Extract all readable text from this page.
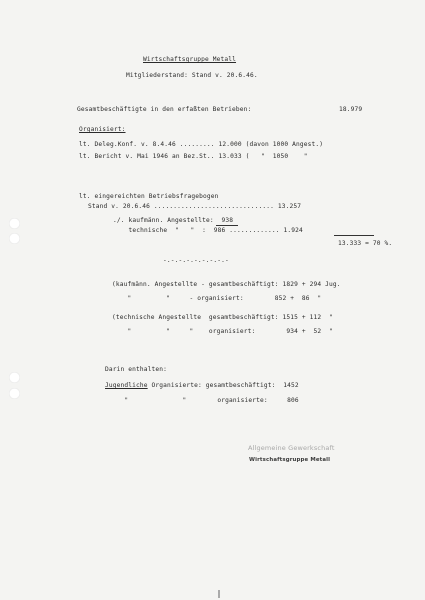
Wirtschaftsgruppe Metall
Mitgliederstand: Stand v. 20.6.46.
Gesamtbeschäftigte in den erfaßten Betrieben:	18.979
Organisiert:
lt. Deleg.Konf. v. 8.4.46 ......... 12.000 (davon 1000 Angest.)
lt. Bericht v. Mai 1946 an Bez.St.. 13.033 (   "  1050    "
lt. eingereichten Betriebsfragebogen
Stand v. 20.6.46 ............................... 13.257
./. kaufmänn. Angestellte:  938
technische  "   "  :  986 ............. 1.924
13.333 = 70 %.
-.-.-.-.-.-.-.-.-
(kaufmänn. Angestellte - gesamtbeschäftigt: 1829 + 294 Jug.
"         "     - organisiert:        852 +  86  "
(technische Angestellte  gesamtbeschäftigt: 1515 + 112  "
"         "     "    organisiert:        934 +  52  "
Darin enthalten:
Jugendliche Organisierte: gesamtbeschäftigt:  1452
"              "        organisierte:     806
Allgemeine Gewerkschaft
Wirtschaftsgruppe Metall
